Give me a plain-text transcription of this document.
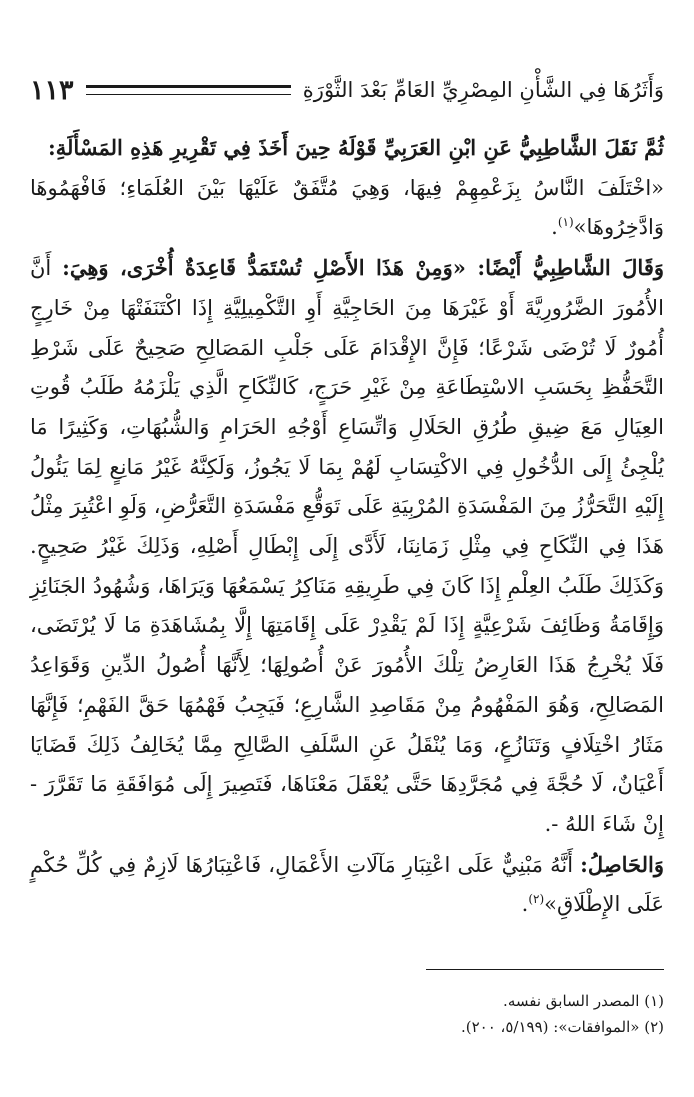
وَأَثَرُهَا فِي الشَّأْنِ المِصْرِيِّ العَامِّ بَعْدَ الثَّوْرَةِ
١١٣

ثُمَّ نَقَلَ الشَّاطِبِيُّ عَنِ ابْنِ العَرَبِيِّ قَوْلَهُ حِينَ أَخَذَ فِي تَقْرِيرِ هَذِهِ المَسْأَلَةِ:

«اخْتَلَفَ النَّاسُ بِزَعْمِهِمْ فِيهَا، وَهِيَ مُتَّفَقٌ عَلَيْهَا بَيْنَ العُلَمَاءِ؛ فَافْهَمُوهَا وَادَّخِرُوهَا»$^{(١)}$.

وَقَالَ الشَّاطِبِيُّ أَيْضًا: «وَمِنْ هَذَا الأَصْلِ تُسْتَمَدُّ قَاعِدَةٌ أُخْرَى، وَهِيَ: أَنَّ الأُمُورَ الضَّرُورِيَّةَ أَوْ غَيْرَهَا مِنَ الحَاجِيَّةِ أَوِ التَّكْمِيلِيَّةِ إِذَا اكْتَنَفَتْهَا مِنْ خَارِجٍ أُمُورٌ لَا تُرْضَى شَرْعًا؛ فَإِنَّ الإِقْدَامَ عَلَى جَلْبِ المَصَالِحِ صَحِيحٌ عَلَى شَرْطِ التَّحَفُّظِ بِحَسَبِ الاسْتِطَاعَةِ مِنْ غَيْرِ حَرَجٍ، كَالنِّكَاحِ الَّذِي يَلْزَمُهُ طَلَبُ قُوتِ العِيَالِ مَعَ ضِيقِ طُرُقِ الحَلَالِ وَاتِّسَاعِ أَوْجُهِ الحَرَامِ وَالشُّبُهَاتِ، وَكَثِيرًا مَا يُلْجِئُ إِلَى الدُّخُولِ فِي الاكْتِسَابِ لَهُمْ بِمَا لَا يَجُوزُ، وَلَكِنَّهُ غَيْرُ مَانِعٍ لِمَا يَئُولُ إِلَيْهِ التَّحَرُّزُ مِنَ المَفْسَدَةِ المُرْبِيَةِ عَلَى تَوَقُّعِ مَفْسَدَةِ التَّعَرُّضِ، وَلَوِ اعْتُبِرَ مِثْلُ هَذَا فِي النِّكَاحِ فِي مِثْلِ زَمَانِنَا، لَأَدَّى إِلَى إِبْطَالِ أَصْلِهِ، وَذَلِكَ غَيْرُ صَحِيحٍ. وَكَذَلِكَ طَلَبُ العِلْمِ إِذَا كَانَ فِي طَرِيقِهِ مَنَاكِرُ يَسْمَعُهَا وَيَرَاهَا، وَشُهُودُ الجَنَائِزِ وَإِقَامَةُ وَظَائِفَ شَرْعِيَّةٍ إِذَا لَمْ يَقْدِرْ عَلَى إِقَامَتِهَا إِلَّا بِمُشَاهَدَةِ مَا لَا يُرْتَضَى، فَلَا يُخْرِجُ هَذَا العَارِضُ تِلْكَ الأُمُورَ عَنْ أُصُولِهَا؛ لِأَنَّهَا أُصُولُ الدِّينِ وَقَوَاعِدُ المَصَالِحِ، وَهُوَ المَفْهُومُ مِنْ مَقَاصِدِ الشَّارِعِ؛ فَيَجِبُ فَهْمُهَا حَقَّ الفَهْمِ؛ فَإِنَّهَا مَثَارُ اخْتِلَافٍ وَتَنَازُعٍ، وَمَا يُنْقَلُ عَنِ السَّلَفِ الصَّالِحِ مِمَّا يُخَالِفُ ذَلِكَ قَضَايَا أَعْيَانٌ، لَا حُجَّةَ فِي مُجَرَّدِهَا حَتَّى يُعْقَلَ مَعْنَاهَا، فَتَصِيرَ إِلَى مُوَافَقَةِ مَا تَقَرَّرَ - إِنْ شَاءَ اللهُ -.

وَالحَاصِلُ: أَنَّهُ مَبْنِيٌّ عَلَى اعْتِبَارِ مَآلَاتِ الأَعْمَالِ، فَاعْتِبَارُهَا لَازِمٌ فِي كُلِّ حُكْمٍ عَلَى الإِطْلَاقِ»$^{(٢)}$.

(١) المصدر السابق نفسه.

(٢) «الموافقات»: (٥/١٩٩، ٢٠٠).
